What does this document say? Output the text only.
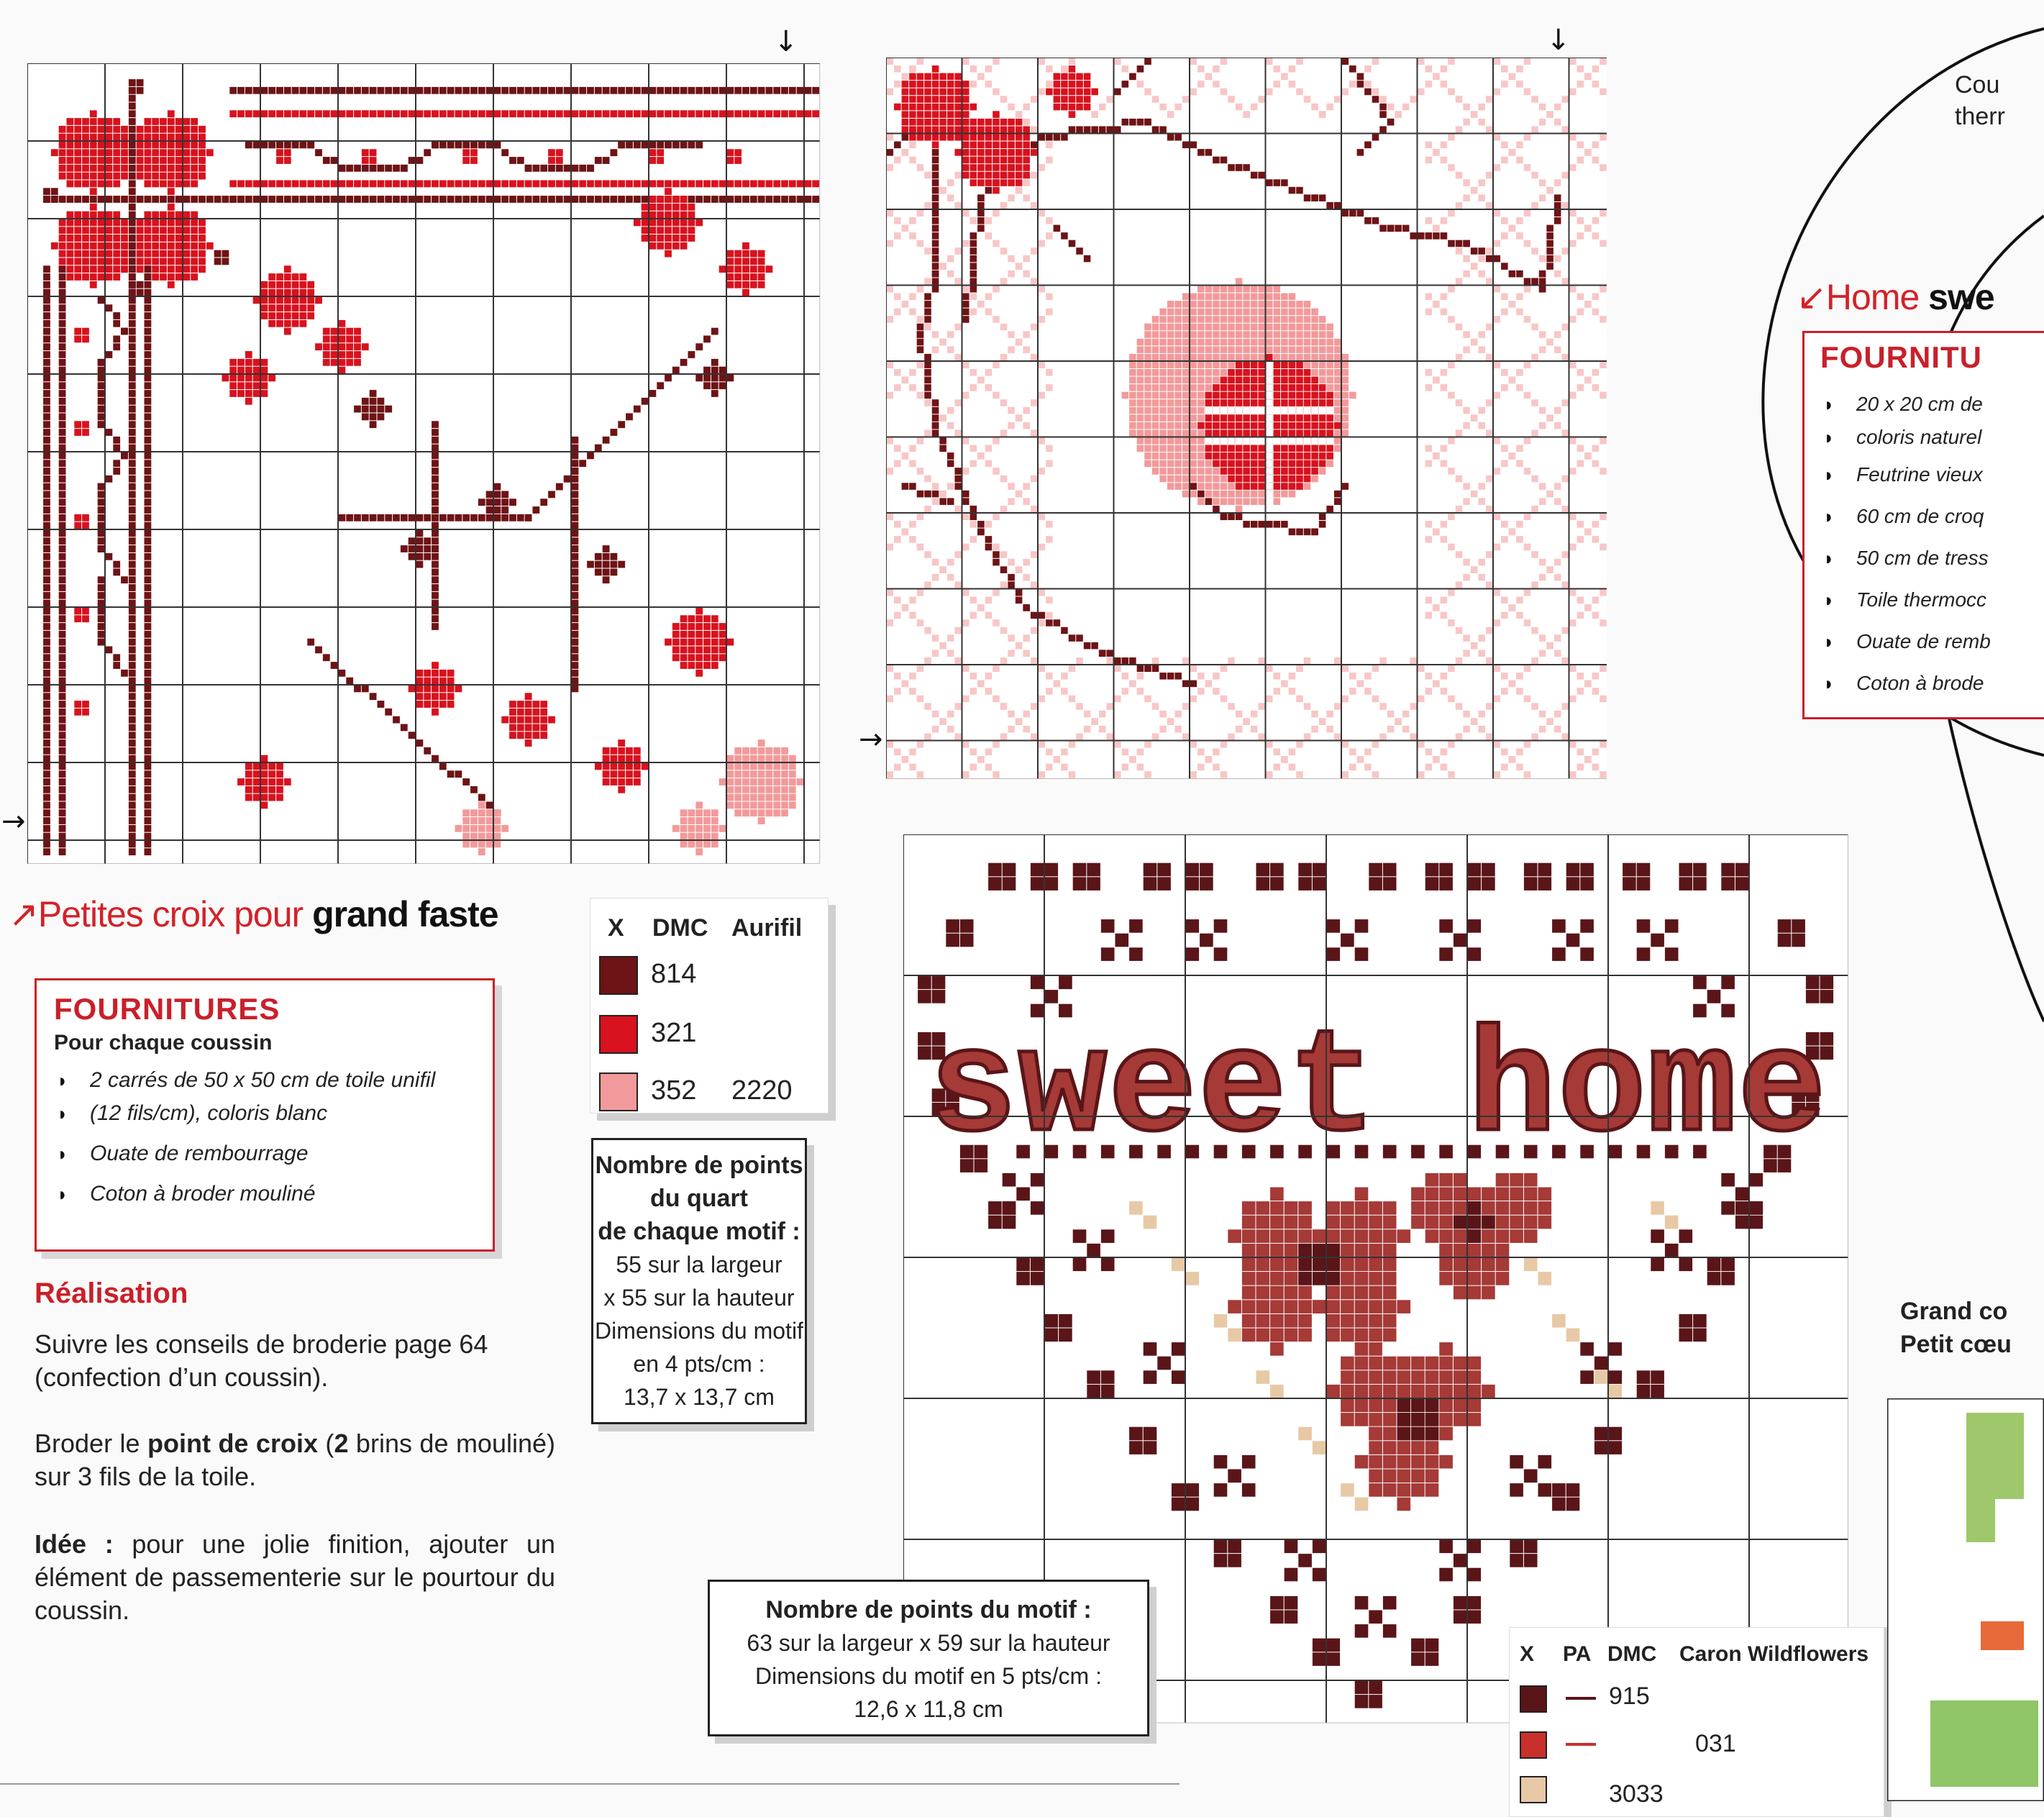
↓
→
↓
→
sweet home
↗Petites croix pour grand faste
FOURNITURES
Pour chaque coussin
◗ 2 carrés de 50 x 50 cm de toile unifil
◗ (12 fils/cm), coloris blanc
◗ Ouate de rembourrage
◗ Coton à broder mouliné
Réalisation
Suivre les conseils de broderie page 64 (confection d’un coussin).
Broder le point de croix (2 brins de mouliné) sur 3 fils de la toile.
Idée : pour une jolie finition, ajouter un élément de passementerie sur le pourtour du coussin.
X DMC Aurifil
814
321
352 2220
Nombre de points
du quart
de chaque motif :
55 sur la largeur
x 55 sur la hauteur
Dimensions du motif
en 4 pts/cm :
13,7 x 13,7 cm
Nombre de points du motif :
63 sur la largeur x 59 sur la hauteur
Dimensions du motif en 5 pts/cm :
12,6 x 11,8 cm
X PA DMC Caron Wildflowers
915
031
3033
Cou
therr
↙Home swe
FOURNITU
◗ 20 x 20 cm de
◗ coloris naturel
◗ Feutrine vieux
◗ 60 cm de croq
◗ 50 cm de tress
◗ Toile thermocc
◗ Ouate de remb
◗ Coton à brode
Grand co
Petit cœu
